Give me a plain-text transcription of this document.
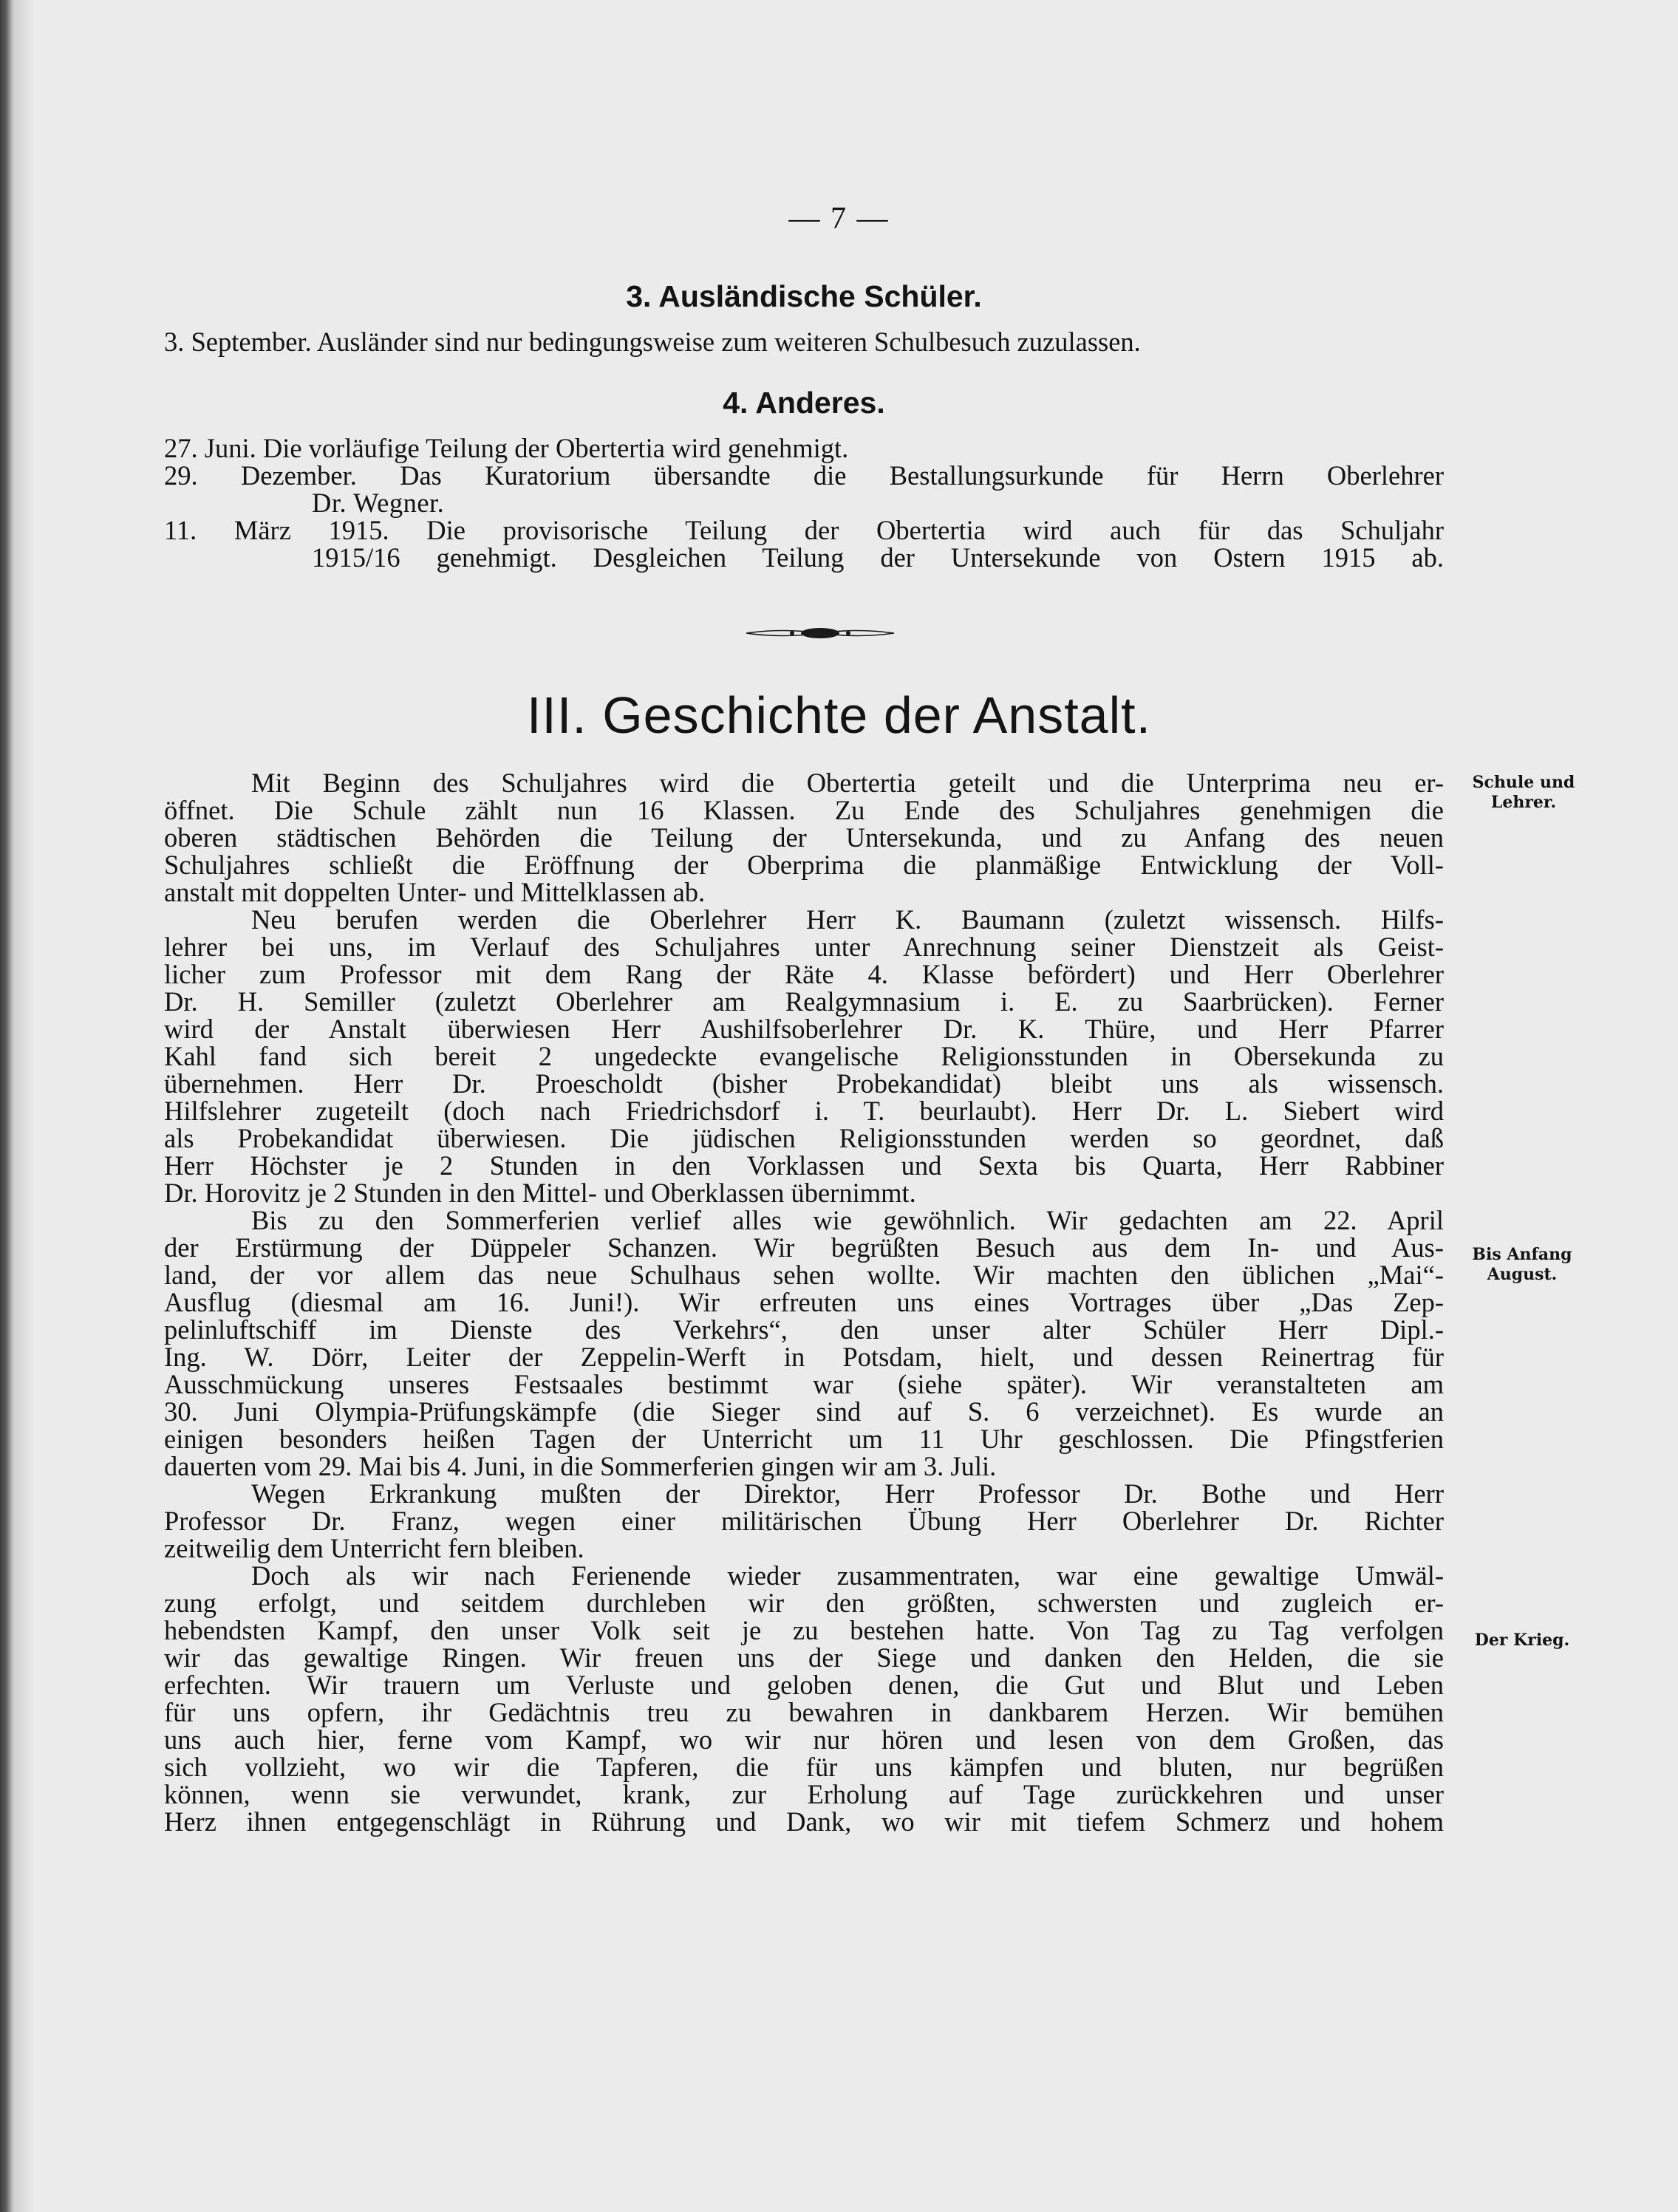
— 7 —
3. Ausländische Schüler.
3. September. Ausländer sind nur bedingungsweise zum weiteren Schulbesuch zuzulassen.
4. Anderes.
27. Juni. Die vorläufige Teilung der Obertertia wird genehmigt.
29. Dezember. Das Kuratorium übersandte die Bestallungsurkunde für Herrn Oberlehrer
Dr. Wegner.
11. März 1915. Die provisorische Teilung der Obertertia wird auch für das Schuljahr
1915/16 genehmigt. Desgleichen Teilung der Untersekunde von Ostern 1915 ab.
III. Geschichte der Anstalt.
Mit Beginn des Schuljahres wird die Obertertia geteilt und die Unterprima neu er-
öffnet. Die Schule zählt nun 16 Klassen. Zu Ende des Schuljahres genehmigen die
oberen städtischen Behörden die Teilung der Untersekunda, und zu Anfang des neuen
Schuljahres schließt die Eröffnung der Oberprima die planmäßige Entwicklung der Voll-
anstalt mit doppelten Unter- und Mittelklassen ab.
Neu berufen werden die Oberlehrer Herr K. Baumann (zuletzt wissensch. Hilfs-
lehrer bei uns, im Verlauf des Schuljahres unter Anrechnung seiner Dienstzeit als Geist-
licher zum Professor mit dem Rang der Räte 4. Klasse befördert) und Herr Oberlehrer
Dr. H. Semiller (zuletzt Oberlehrer am Realgymnasium i. E. zu Saarbrücken). Ferner
wird der Anstalt überwiesen Herr Aushilfsoberlehrer Dr. K. Thüre, und Herr Pfarrer
Kahl fand sich bereit 2 ungedeckte evangelische Religionsstunden in Obersekunda zu
übernehmen. Herr Dr. Proescholdt (bisher Probekandidat) bleibt uns als wissensch.
Hilfslehrer zugeteilt (doch nach Friedrichsdorf i. T. beurlaubt). Herr Dr. L. Siebert wird
als Probekandidat überwiesen. Die jüdischen Religionsstunden werden so geordnet, daß
Herr Höchster je 2 Stunden in den Vorklassen und Sexta bis Quarta, Herr Rabbiner
Dr. Horovitz je 2 Stunden in den Mittel- und Oberklassen übernimmt.
Bis zu den Sommerferien verlief alles wie gewöhnlich. Wir gedachten am 22. April
der Erstürmung der Düppeler Schanzen. Wir begrüßten Besuch aus dem In- und Aus-
land, der vor allem das neue Schulhaus sehen wollte. Wir machten den üblichen „Mai“-
Ausflug (diesmal am 16. Juni!). Wir erfreuten uns eines Vortrages über „Das Zep-
pelinluftschiff im Dienste des Verkehrs“, den unser alter Schüler Herr Dipl.-
Ing. W. Dörr, Leiter der Zeppelin-Werft in Potsdam, hielt, und dessen Reinertrag für
Ausschmückung unseres Festsaales bestimmt war (siehe später). Wir veranstalteten am
30. Juni Olympia-Prüfungskämpfe (die Sieger sind auf S. 6 verzeichnet). Es wurde an
einigen besonders heißen Tagen der Unterricht um 11 Uhr geschlossen. Die Pfingstferien
dauerten vom 29. Mai bis 4. Juni, in die Sommerferien gingen wir am 3. Juli.
Wegen Erkrankung mußten der Direktor, Herr Professor Dr. Bothe und Herr
Professor Dr. Franz, wegen einer militärischen Übung Herr Oberlehrer Dr. Richter
zeitweilig dem Unterricht fern bleiben.
Doch als wir nach Ferienende wieder zusammentraten, war eine gewaltige Umwäl-
zung erfolgt, und seitdem durchleben wir den größten, schwersten und zugleich er-
hebendsten Kampf, den unser Volk seit je zu bestehen hatte. Von Tag zu Tag verfolgen
wir das gewaltige Ringen. Wir freuen uns der Siege und danken den Helden, die sie
erfechten. Wir trauern um Verluste und geloben denen, die Gut und Blut und Leben
für uns opfern, ihr Gedächtnis treu zu bewahren in dankbarem Herzen. Wir bemühen
uns auch hier, ferne vom Kampf, wo wir nur hören und lesen von dem Großen, das
sich vollzieht, wo wir die Tapferen, die für uns kämpfen und bluten, nur begrüßen
können, wenn sie verwundet, krank, zur Erholung auf Tage zurückkehren und unser
Herz ihnen entgegenschlägt in Rührung und Dank, wo wir mit tiefem Schmerz und hohem
Schule und Lehrer.
Bis Anfang August.
Der Krieg.
